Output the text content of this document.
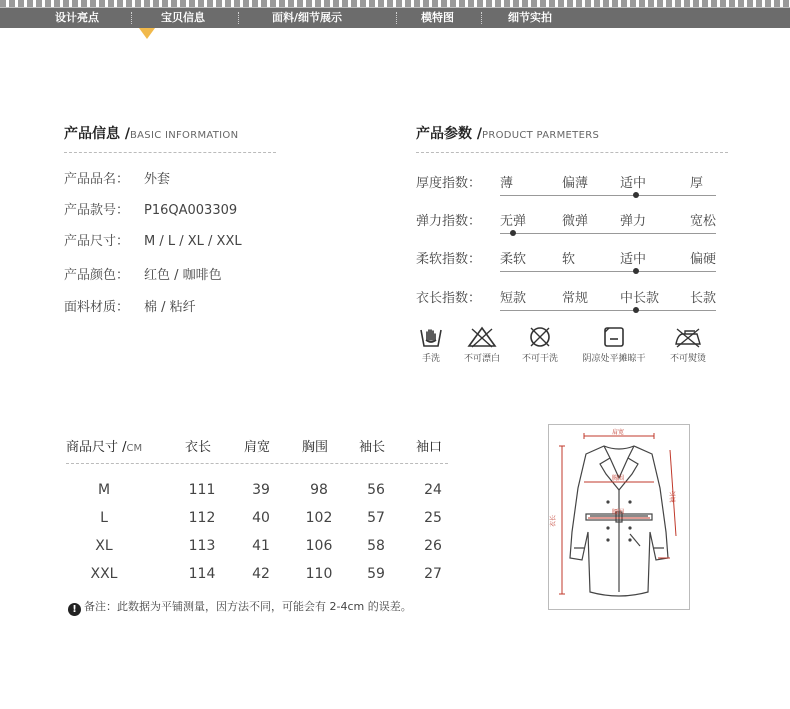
设计亮点	宝贝信息	面料/细节展示	模特图	细节实拍
产品信息 /BASIC INFORMATION
产品品名： 外套
产品款号： P16QA003309
产品尺寸： M / L / XL / XXL
产品颜色： 红色 / 咖啡色
面料材质： 棉 / 粘纤
产品参数 /PRODUCT PARMETERS
厚度指数： 薄	偏薄 适中	厚
弹力指数： 无弹	微弹 弹力	宽松
柔软指数： 柔软	软	适中	偏硬
衣长指数： 短款	常规 中长款 长款
手洗	不可漂白	不可干洗	阴凉处平摊晾干	不可熨烫
商品尺寸 /CM	衣长	肩宽 胸围 袖长 袖口
M	111	39	98	56	24
L	112	40	102	57	25
XL	113	41	106	58	26
XXL	114	42	110	59	27
! 备注：此数据为平铺测量，因方法不同，可能会有 2-4cm 的误差。
肩宽
胸围
腰围
衣长
袖长
